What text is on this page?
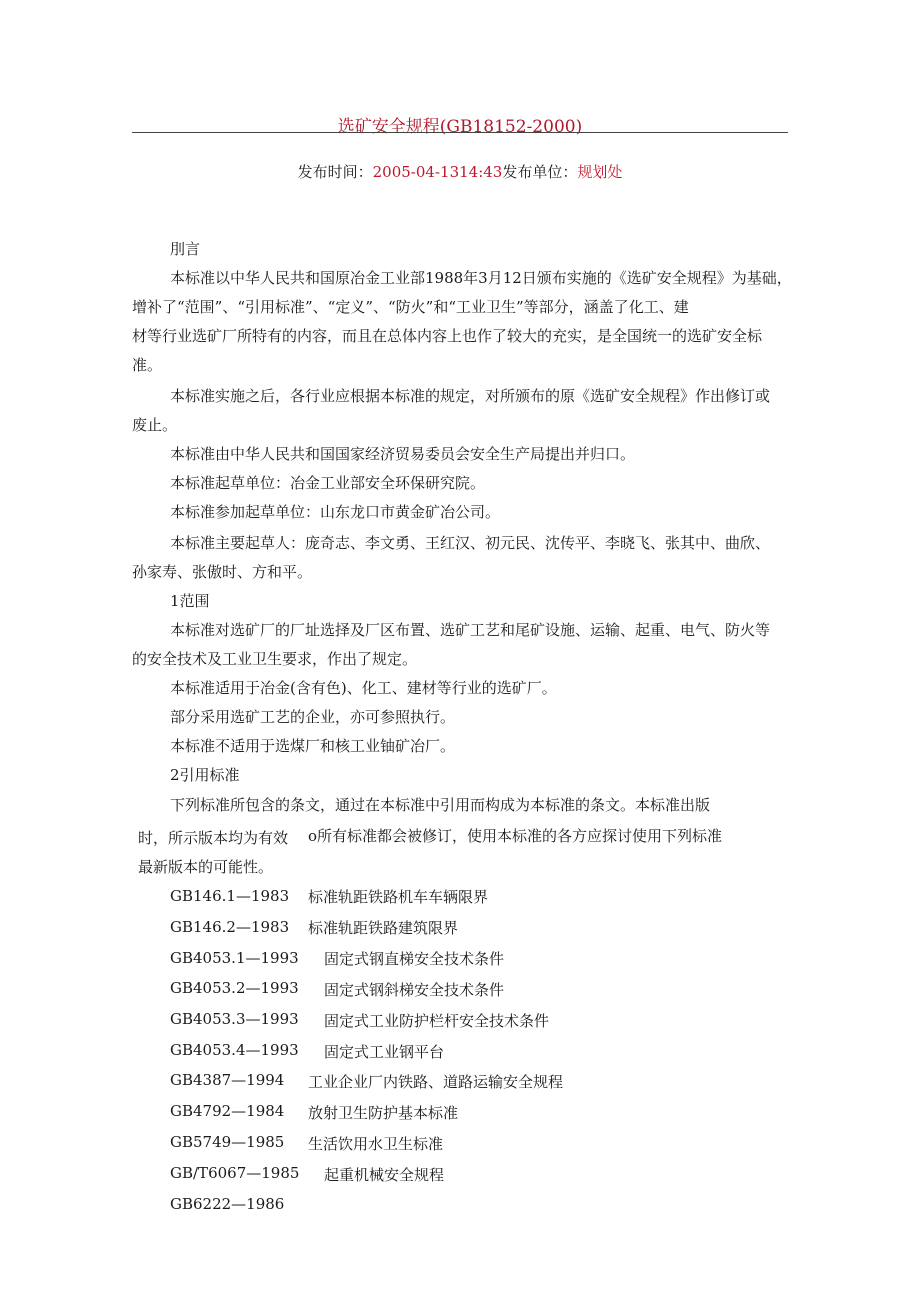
选矿安全规程(GB18152-2000)
发布时间：2005-04-1314:43发布单位：规划处
刖言
本标准以中华人民共和国原冶金工业部1988年3月12日颁布实施的《选矿安全规程》为基础，
增补了“范围”、“引用标准”、“定义”、“防火”和“工业卫生”等部分，涵盖了化工、建
材等行业选矿厂所特有的内容，而且在总体内容上也作了较大的充实，是全国统一的选矿安全标
准。
本标准实施之后，各行业应根据本标准的规定，对所颁布的原《选矿安全规程》作出修订或
废止。
本标准由中华人民共和国国家经济贸易委员会安全生产局提出并归口。
本标准起草单位：冶金工业部安全环保研究院。
本标准参加起草单位：山东龙口市黄金矿冶公司。
本标准主要起草人：庞奇志、李文勇、王红汉、初元民、沈传平、李晓飞、张其中、曲欣、
孙家寿、张傲时、方和平。
1范围
本标准对选矿厂的厂址选择及厂区布置、选矿工艺和尾矿设施、运输、起重、电气、防火等
的安全技术及工业卫生要求，作出了规定。
本标准适用于冶金(含有色)、化工、建材等行业的选矿厂。
部分采用选矿工艺的企业，亦可参照执行。
本标准不适用于选煤厂和核工业铀矿冶厂。
2引用标准
下列标准所包含的条文，通过在本标准中引用而构成为本标准的条文。本标准出版
时，所示版本均为有效 o所有标准都会被修订，使用本标准的各方应探讨使用下列标准
最新版本的可能性。
GB146.1—1983 标准轨距铁路机车车辆限界
GB146.2—1983 标准轨距铁路建筑限界
GB4053.1—1993 固定式钢直梯安全技术条件
GB4053.2—1993 固定式钢斜梯安全技术条件
GB4053.3—1993 固定式工业防护栏杆安全技术条件
GB4053.4—1993 固定式工业钢平台
GB4387—1994 工业企业厂内铁路、道路运输安全规程
GB4792—1984 放射卫生防护基本标准
GB5749—1985 生活饮用水卫生标准
GB/T6067—1985 起重机械安全规程
GB6222—1986
